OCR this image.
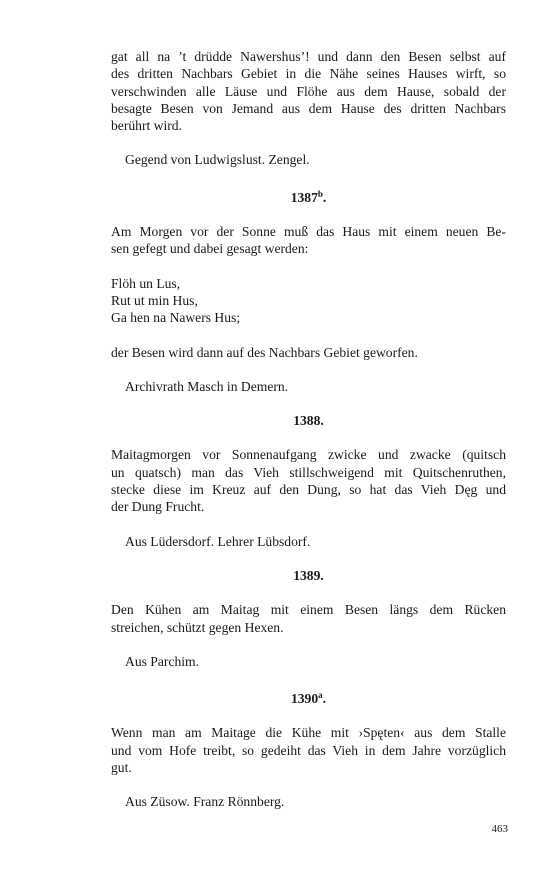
gat all na ’t drüdde Nawershus’! und dann den Besen selbst auf
des dritten Nachbars Gebiet in die Nähe seines Hauses wirft, so
verschwinden alle Läuse und Flöhe aus dem Hause, sobald der
besagte Besen von Jemand aus dem Hause des dritten Nachbars
berührt wird.
Gegend von Ludwigslust. Zengel.
1387$^b$.
Am Morgen vor der Sonne muß das Haus mit einem neuen Be-
sen gefegt und dabei gesagt werden:
Flöh un Lus,
Rut ut min Hus,
Ga hen na Nawers Hus;
der Besen wird dann auf des Nachbars Gebiet geworfen.
Archivrath Masch in Demern.
1388.
Maitagmorgen vor Sonnenaufgang zwicke und zwacke (quitsch
un quatsch) man das Vieh stillschweigend mit Quitschenruthen,
stecke diese im Kreuz auf den Dung, so hat das Vieh Dęg und
der Dung Frucht.
Aus Lüdersdorf. Lehrer Lübsdorf.
1389.
Den Kühen am Maitag mit einem Besen längs dem Rücken
streichen, schützt gegen Hexen.
Aus Parchim.
1390$^a$.
Wenn man am Maitage die Kühe mit ›Spęten‹ aus dem Stalle
und vom Hofe treibt, so gedeiht das Vieh in dem Jahre vorzüglich
gut.
Aus Züsow. Franz Rönnberg.
463
